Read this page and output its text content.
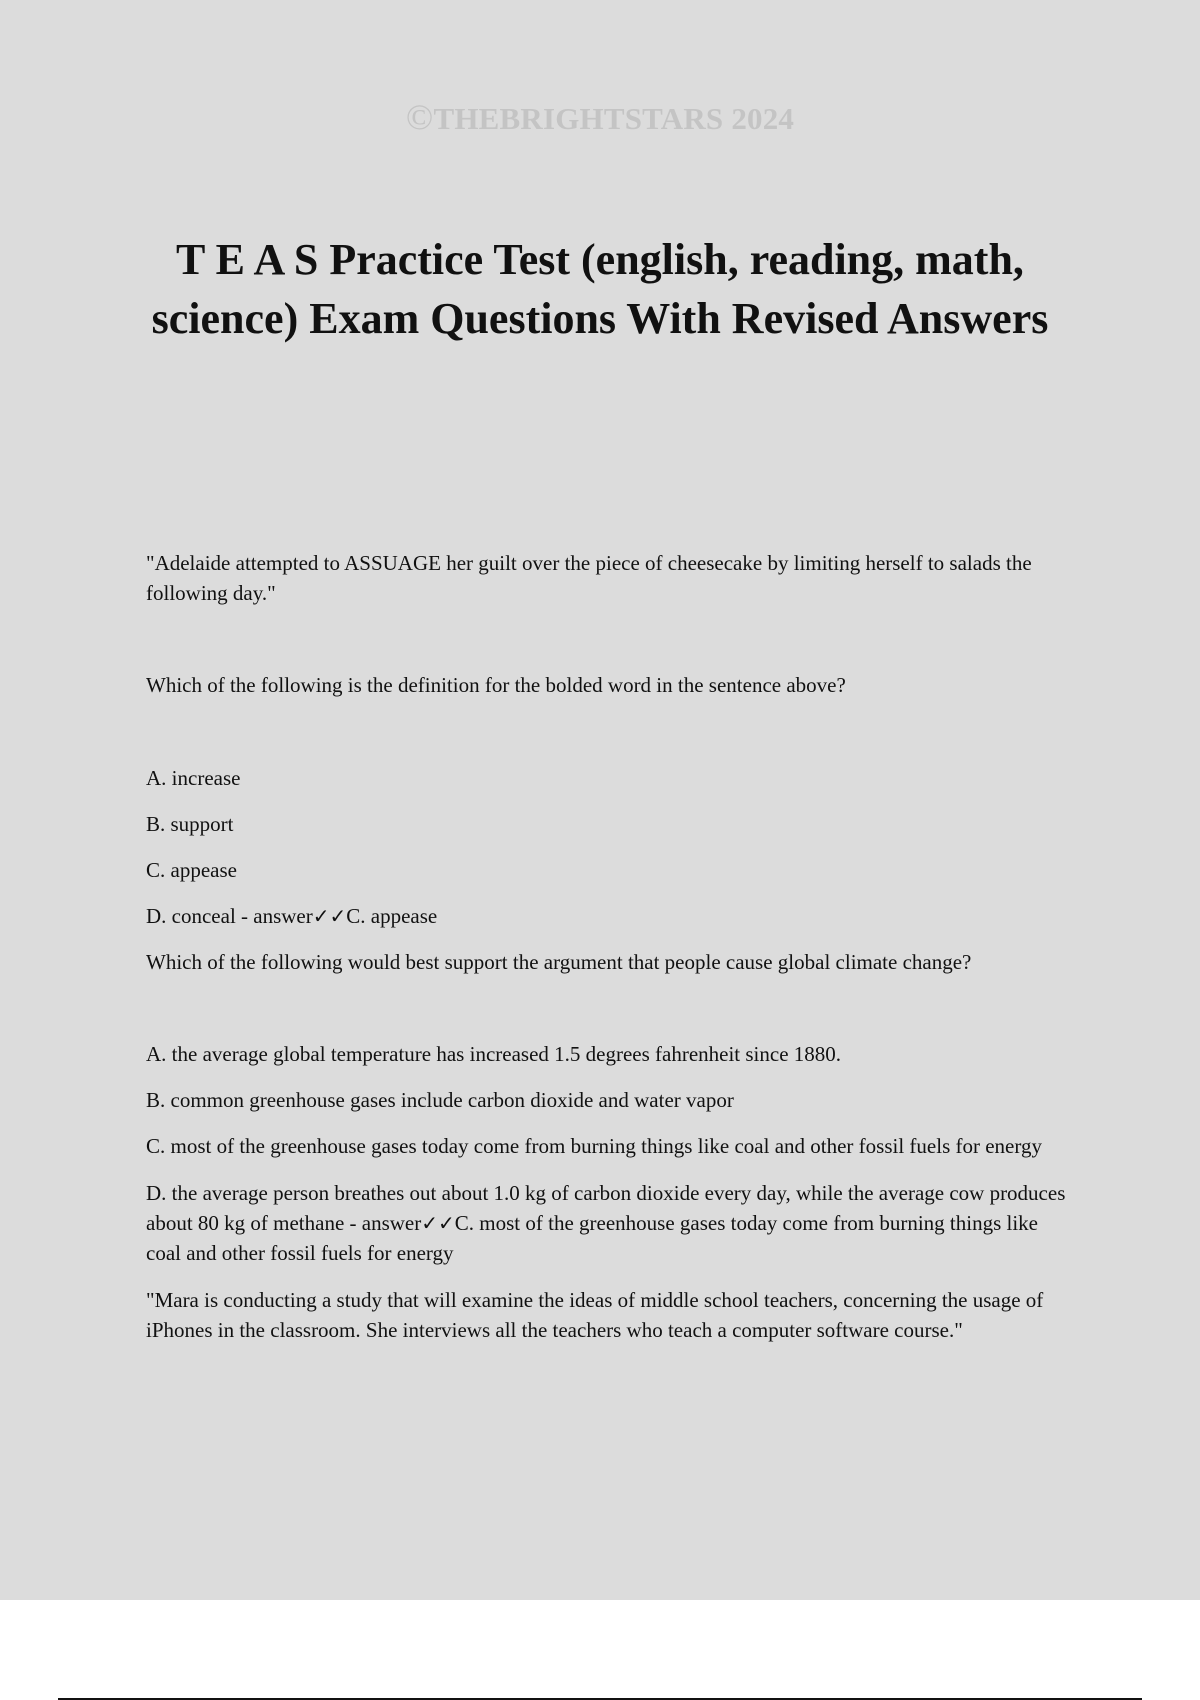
©THEBRIGHTSTARS 2024
T E A S Practice Test (english, reading, math, science) Exam Questions With Revised Answers

"Adelaide attempted to ASSUAGE her guilt over the piece of cheesecake by limiting herself to salads the following day."

Which of the following is the definition for the bolded word in the sentence above?

A. increase

B. support

C. appease

D. conceal - answer✓✓C. appease

Which of the following would best support the argument that people cause global climate change?

A. the average global temperature has increased 1.5 degrees fahrenheit since 1880.

B. common greenhouse gases include carbon dioxide and water vapor

C. most of the greenhouse gases today come from burning things like coal and other fossil fuels for energy

D. the average person breathes out about 1.0 kg of carbon dioxide every day, while the average cow produces about 80 kg of methane - answer✓✓C. most of the greenhouse gases today come from burning things like coal and other fossil fuels for energy

"Mara is conducting a study that will examine the ideas of middle school teachers, concerning the usage of iPhones in the classroom. She interviews all the teachers who teach a computer software course."
